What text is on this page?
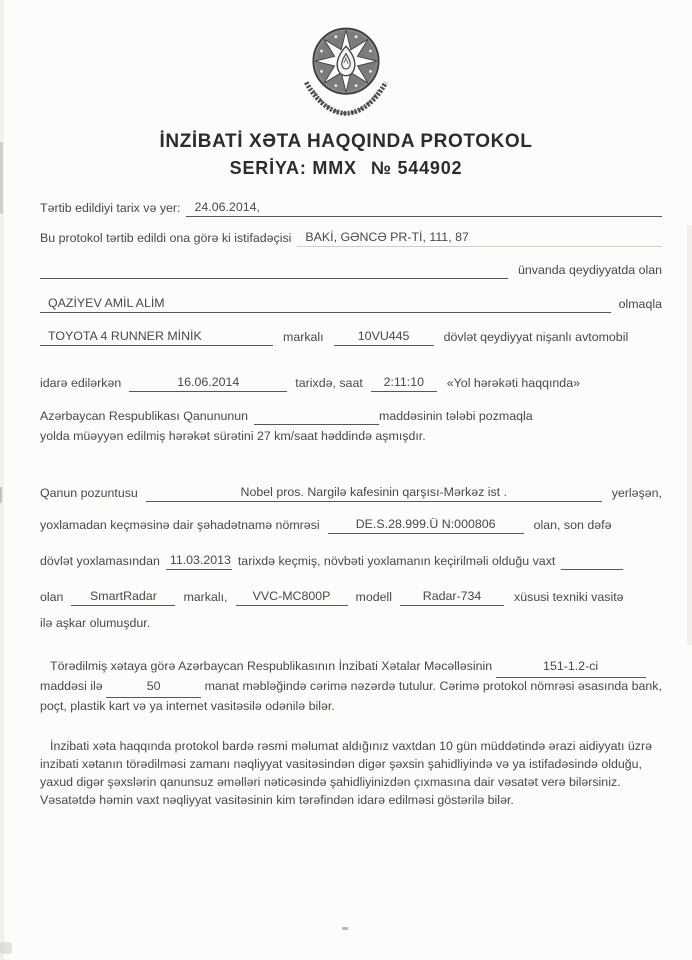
İNZİBATİ XƏTA HAQQINDA PROTOKOL
SERİYA: MMX № 544902
Tərtib edildiyi tarix və yer:	24.06.2014,
Bu protokol tərtib edildi ona görə ki istifadəçisi	BAKİ, GƏNCƏ PR-Tİ, 111, 87
ünvanda qeydiyyatda olan
QAZİYEV AMİL ALİM	olmaqla
TOYOTA 4 RUNNER MİNİK	markalı	10VU445	dövlət qeydiyyat nişanlı avtomobil
idarə edilərkən	16.06.2014	tarixdə, saat	2:11:10	«Yol hərəkəti haqqında»
Azərbaycan Respublikası Qanununun	maddəsinin tələbi pozmaqla
yolda müəyyən edilmiş hərəkət sürətini 27 km/saat həddində aşmışdır.
Qanun pozuntusu	Nobel pros. Nargilə kafesinin qarşısı-Mərkəz ist .	yerləşən,
yoxlamadan keçməsinə dair şəhadətnamə nömrəsi	DE.S.28.999.Ü N:000806	olan, son dəfə
dövlət yoxlamasından 11.03.2013 tarixdə keçmiş, növbəti yoxlamanın keçirilməli olduğu vaxt
olan	SmartRadar	markalı,	VVC-MC800P	modell	Radar-734	xüsusi texniki vasitə
ilə aşkar olumuşdur.

Törədilmiş xətaya görə Azərbaycan Respublikasının İnzibati Xətalar Məcəlləsinin	151-1.2-ci maddəsi ilə	50	manat məbləğində cərimə nəzərdə tutulur. Cərimə protokol nömrəsi əsasında bank, poçt, plastik kart və ya internet vasitəsilə odənilə bilər.

İnzibati xəta haqqında protokol bardə rəsmi məlumat aldığınız vaxtdan 10 gün müddətində ərazi aidiyyatı üzrə inzibati xətanın törədilməsi zamanı nəqliyyat vasitəsindən digər şəxsin şahidliyində və ya istifadəsində olduğu, yaxud digər şəxslərin qanunsuz əməlləri nəticəsində şahidliyinizdən çıxmasına dair vəsatət verə bilərsiniz. Vəsatətdə həmin vaxt nəqliyyat vasitəsinin kim tərəfindən idarə edilməsi göstərilə bilər.
